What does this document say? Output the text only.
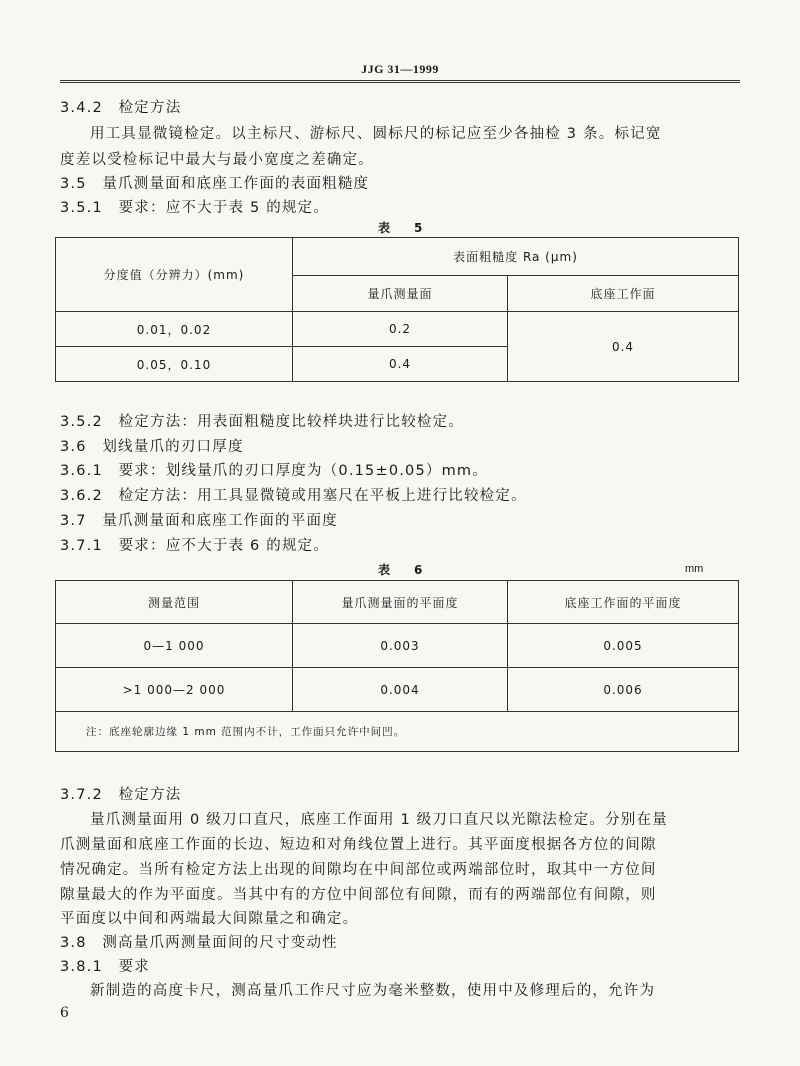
JJG 31—1999
3.4.2　检定方法
用工具显微镜检定。以主标尺、游标尺、圆标尺的标记应至少各抽检 3 条。标记宽
度差以受检标记中最大与最小宽度之差确定。
3.5　量爪测量面和底座工作面的表面粗糙度
3.5.1　要求：应不大于表 5 的规定。
表　5
分度值（分辨力）(mm)	表面粗糙度 Ra (μm)	
	量爪测量面	底座工作面
0.01，0.02	0.2	0.4
0.05，0.10	0.4	
3.5.2　检定方法：用表面粗糙度比较样块进行比较检定。
3.6　划线量爪的刃口厚度
3.6.1　要求：划线量爪的刃口厚度为（0.15±0.05）mm。
3.6.2　检定方法：用工具显微镜或用塞尺在平板上进行比较检定。
3.7　量爪测量面和底座工作面的平面度
3.7.1　要求：应不大于表 6 的规定。
表　6	mm
测量范围	量爪测量面的平面度	底座工作面的平面度
0—1 000	0.003	0.005
>1 000—2 000	0.004	0.006
注：底座轮廓边缘 1 mm 范围内不计，工作面只允许中间凹。		
3.7.2　检定方法
量爪测量面用 0 级刀口直尺，底座工作面用 1 级刀口直尺以光隙法检定。分别在量
爪测量面和底座工作面的长边、短边和对角线位置上进行。其平面度根据各方位的间隙
情况确定。当所有检定方法上出现的间隙均在中间部位或两端部位时，取其中一方位间
隙量最大的作为平面度。当其中有的方位中间部位有间隙，而有的两端部位有间隙，则
平面度以中间和两端最大间隙量之和确定。
3.8　测高量爪两测量面间的尺寸变动性
3.8.1　要求
新制造的高度卡尺，测高量爪工作尺寸应为毫米整数，使用中及修理后的，允许为
6
